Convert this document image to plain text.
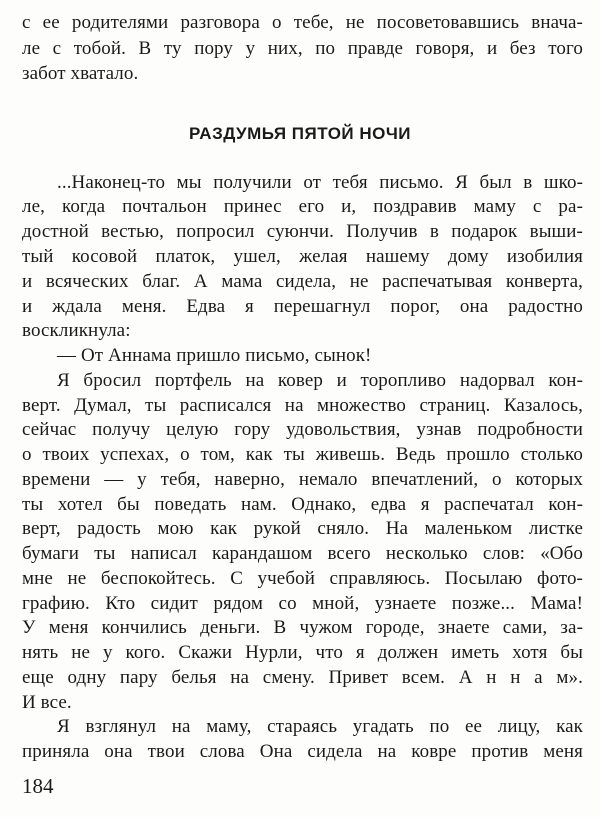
с ее родителями разговора о тебе, не посоветовавшись внача-
ле с тобой. В ту пору у них, по правде говоря, и без того
забот хватало.
РАЗДУМЬЯ ПЯТОЙ НОЧИ
...Наконец-то мы получили от тебя письмо. Я был в шко-
ле, когда почтальон принес его и, поздравив маму с ра-
достной вестью, попросил суюнчи. Получив в подарок выши-
тый косовой платок, ушел, желая нашему дому изобилия
и всяческих благ. А мама сидела, не распечатывая конверта,
и ждала меня. Едва я перешагнул порог, она радостно
воскликнула:
— От Аннама пришло письмо, сынок!
Я бросил портфель на ковер и торопливо надорвал кон-
верт. Думал, ты расписался на множество страниц. Казалось,
сейчас получу целую гору удовольствия, узнав подробности
о твоих успехах, о том, как ты живешь. Ведь прошло столько
времени — у тебя, наверно, немало впечатлений, о которых
ты хотел бы поведать нам. Однако, едва я распечатал кон-
верт, радость мою как рукой сняло. На маленьком листке
бумаги ты написал карандашом всего несколько слов: «Обо
мне не беспокойтесь. С учебой справляюсь. Посылаю фото-
графию. Кто сидит рядом со мной, узнаете позже... Мама!
У меня кончились деньги. В чужом городе, знаете сами, за-
нять не у кого. Скажи Нурли, что я должен иметь хотя бы
еще одну пару белья на смену. Привет всем. А н н а м».
И все.
Я взглянул на маму, стараясь угадать по ее лицу, как
приняла она твои слова Она сидела на ковре против меня
184
